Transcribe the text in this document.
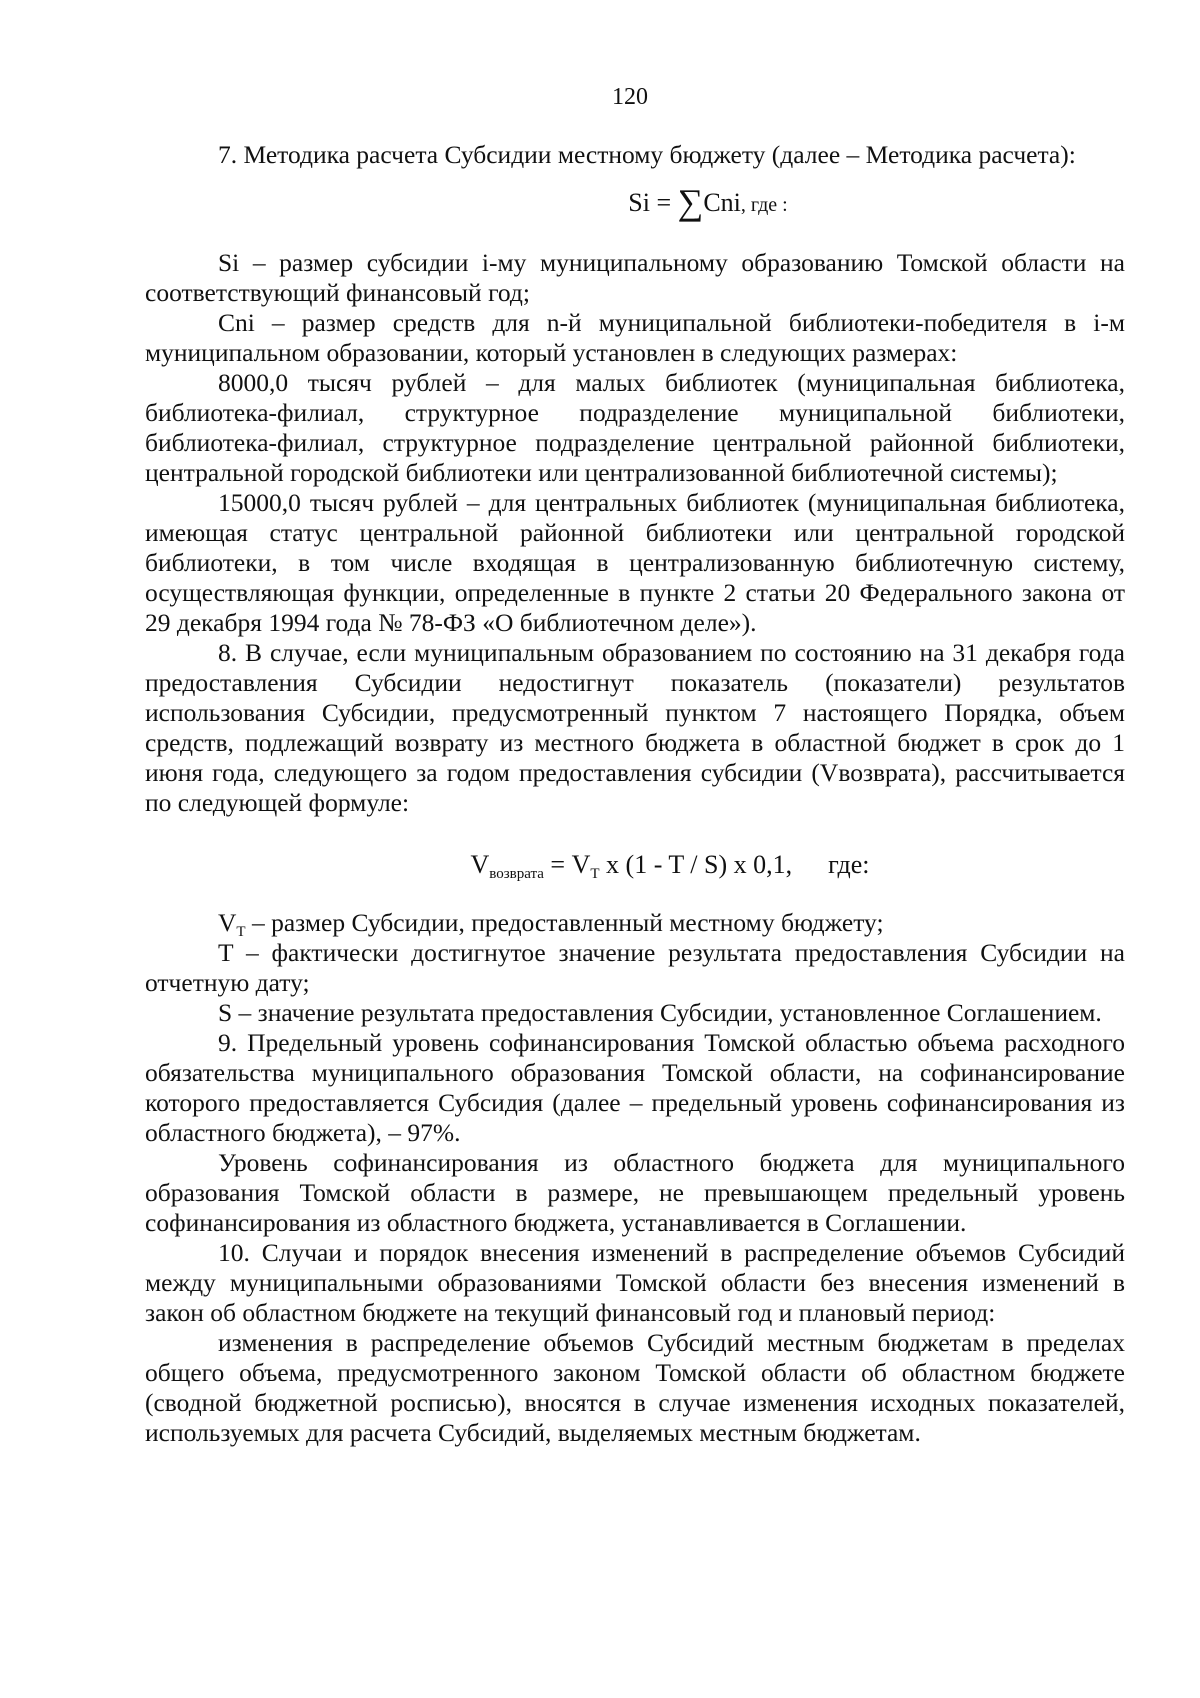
120

7. Методика расчета Субсидии местному бюджету (далее – Методика расчета):

Si = ∑Cni, где :

Si – размер субсидии i-му муниципальному образованию Томской области на соответствующий финансовый год;

Cni – размер средств для n-й муниципальной библиотеки-победителя в i-м муниципальном образовании, который установлен в следующих размерах:

8000,0 тысяч рублей – для малых библиотек (муниципальная библиотека, библиотека-филиал, структурное подразделение муниципальной библиотеки, библиотека-филиал, структурное подразделение центральной районной библиотеки, центральной городской библиотеки или централизованной библиотечной системы);

15000,0 тысяч рублей – для центральных библиотек (муниципальная библиотека, имеющая статус центральной районной библиотеки или центральной городской библиотеки, в том числе входящая в централизованную библиотечную систему, осуществляющая функции, определенные в пункте 2 статьи 20 Федерального закона от 29 декабря 1994 года № 78-ФЗ «О библиотечном деле»).

8. В случае, если муниципальным образованием по состоянию на 31 декабря года предоставления Субсидии недостигнут показатель (показатели) результатов использования Субсидии, предусмотренный пунктом 7 настоящего Порядка, объем средств, подлежащий возврату из местного бюджета в областной бюджет в срок до 1 июня года, следующего за годом предоставления субсидии (Vвозврата), рассчитывается по следующей формуле:

$V_{возврата} = V_T$ x (1 - T / S) x 0,1, где:

$V_T$ – размер Субсидии, предоставленный местному бюджету;

T – фактически достигнутое значение результата предоставления Субсидии на отчетную дату;

S – значение результата предоставления Субсидии, установленное Соглашением.

9. Предельный уровень софинансирования Томской областью объема расходного обязательства муниципального образования Томской области, на софинансирование которого предоставляется Субсидия (далее – предельный уровень софинансирования из областного бюджета), – 97%.

Уровень софинансирования из областного бюджета для муниципального образования Томской области в размере, не превышающем предельный уровень софинансирования из областного бюджета, устанавливается в Соглашении.

10. Случаи и порядок внесения изменений в распределение объемов Субсидий между муниципальными образованиями Томской области без внесения изменений в закон об областном бюджете на текущий финансовый год и плановый период:

изменения в распределение объемов Субсидий местным бюджетам в пределах общего объема, предусмотренного законом Томской области об областном бюджете (сводной бюджетной росписью), вносятся в случае изменения исходных показателей, используемых для расчета Субсидий, выделяемых местным бюджетам.
